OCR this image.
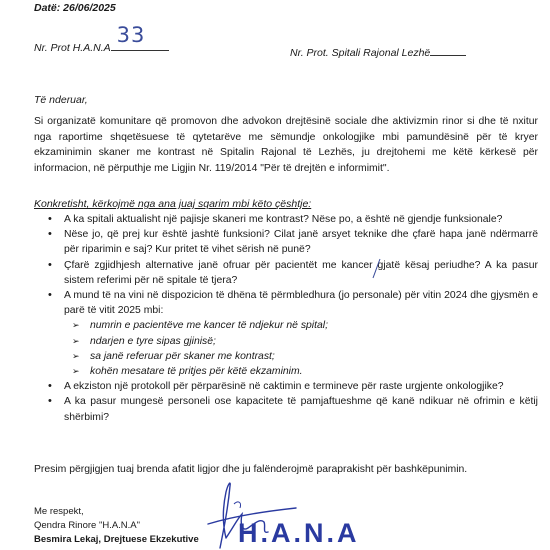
Datë: 26/06/2025
Nr. Prot H.A.N.A
33
Nr. Prot. Spitali Rajonal Lezhë
Të nderuar,
Si organizatë komunitare që promovon dhe advokon drejtësinë sociale dhe aktivizmin rinor si dhe të nxitur nga raportime shqetësuese të qytetarëve me sëmundje onkologjike mbi pamundësinë për të kryer ekzaminimin skaner me kontrast në Spitalin Rajonal të Lezhës, ju drejtohemi me këtë kërkesë për informacion, në përputhje me Ligjin Nr. 119/2014 "Për të drejtën e informimit".
Konkretisht, kërkojmë nga ana juaj sqarim mbi këto çështje:
• A ka spitali aktualisht një pajisje skaneri me kontrast? Nëse po, a është në gjendje funksionale?
• Nëse jo, që prej kur është jashtë funksioni? Cilat janë arsyet teknike dhe çfarë hapa janë ndërmarrë për riparimin e saj? Kur pritet të vihet sërish në punë?
• Çfarë zgjidhjesh alternative janë ofruar për pacientët me kancer gjatë kësaj periudhe? A ka pasur sistem referimi për në spitale të tjera?
• A mund të na vini në dispozicion të dhëna të përmbledhura (jo personale) për vitin 2024 dhe gjysmën e parë të vitit 2025 mbi:
➢ numrin e pacientëve me kancer të ndjekur në spital;
➢ ndarjen e tyre sipas gjinisë;
➢ sa janë referuar për skaner me kontrast;
➢ kohën mesatare të pritjes për këtë ekzaminim.
• A ekziston një protokoll për përparësinë në caktimin e termineve për raste urgjente onkologjike?
• A ka pasur mungesë personeli ose kapacitete të pamjaftueshme që kanë ndikuar në ofrimin e këtij shërbimi?
Presim përgjigjen tuaj brenda afatit ligjor dhe ju falënderojmë paraprakisht për bashkëpunimin.
H.A.N.A
Me respekt,
Qendra Rinore "H.A.N.A"
Besmira Lekaj, Drejtuese Ekzekutive
